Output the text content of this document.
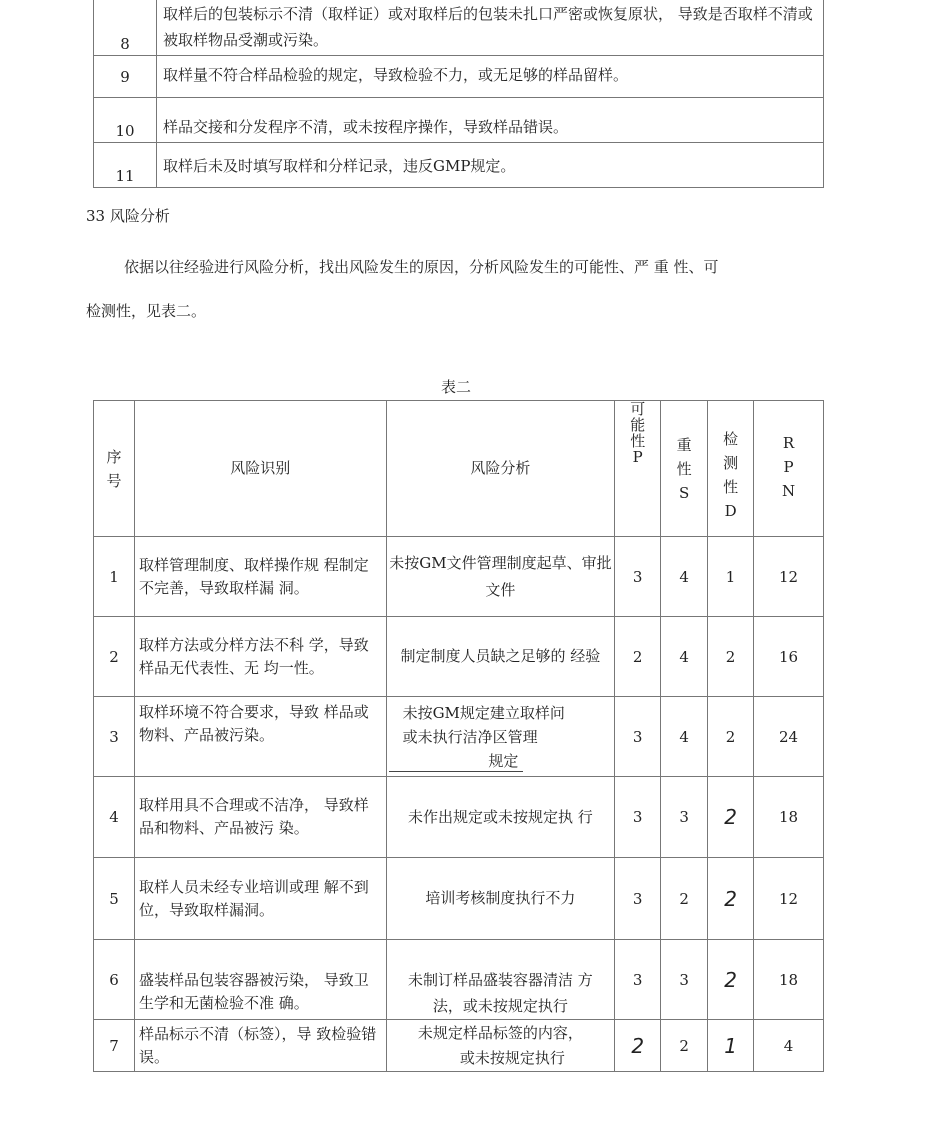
8	取样后的包装标示不清（取样证）或对取样后的包装未扎口严密或恢复原状， 导致是否取样不清或被取样物品受潮或污染。
9	取样量不符合样品检验的规定，导致检验不力，或无足够的样品留样。
10	样品交接和分发程序不清，或未按程序操作，导致样品错误。
11	取样后未及时填写取样和分样记录，违反GMP规定。
33 风险分析
依据以往经验进行风险分析，找出风险发生的原因，分析风险发生的可能性、严 重 性、可
检测性，见表二。
表二
序号	风险识别	风险分析	可能性P	重性S	检测性D	RPN
1	取样管理制度、取样操作规 程制定不完善，导致取样漏 洞。	未按GM文件管理制度起草、审批文件	3	4	1	12
2	取样方法或分样方法不科 学，导致样品无代表性、无 均一性。	制定制度人员缺之足够的 经验	2	4	2	16
3	取样环境不符合要求，导致 样品或物料、产品被污染。	未按GM规定建立取样问
或未执行洁净区管理
规定	3	4	2	24
4	取样用具不合理或不洁净， 导致样品和物料、产品被污 染。	未作出规定或未按规定执 行	3	3	2	18
5	取样人员未经专业培训或理 解不到位，导致取样漏洞。	培训考核制度执行不力	3	2	2	12
6	盛装样品包装容器被污染， 导致卫生学和无菌检验不准 确。	未制订样品盛装容器清洁 方
法，或未按规定执行	3	3	2	18
7	样品标示不清（标签），导 致检验错误。	未规定样品标签的内容，
或未按规定执行	2	2	1	4
